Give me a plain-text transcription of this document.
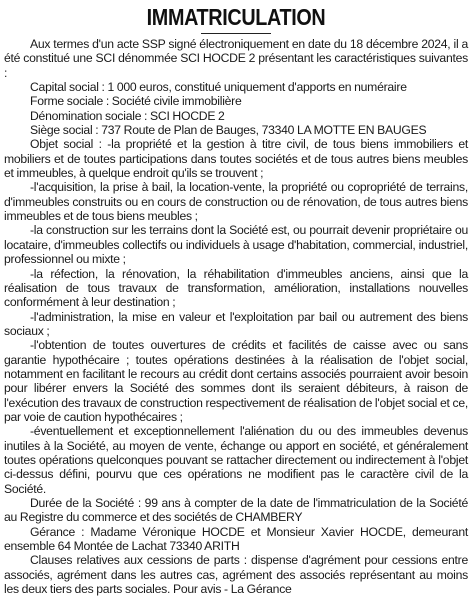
IMMATRICULATION

Aux termes d'un acte SSP signé électroniquement en date du 18 décembre 2024, il a été constitué une SCI dénommée SCI HOCDE 2 présentant les caractéristiques suivantes :

Capital social : 1 000 euros, constitué uniquement d'apports en numéraire

Forme sociale : Société civile immobilière

Dénomination sociale : SCI HOCDE 2

Siège social : 737 Route de Plan de Bauges, 73340 LA MOTTE EN BAUGES

Objet social : -la propriété et la gestion à titre civil, de tous biens immobiliers et mobiliers et de toutes participations dans toutes sociétés et de tous autres biens meubles et immeubles, à quelque endroit qu'ils se trouvent ;

-l'acquisition, la prise à bail, la location-vente, la propriété ou copropriété de terrains, d'immeubles construits ou en cours de construction ou de rénovation, de tous autres biens immeubles et de tous biens meubles ;

-la construction sur les terrains dont la Société est, ou pourrait devenir propriétaire ou locataire, d'immeubles collectifs ou individuels à usage d'habitation, commercial, industriel, professionnel ou mixte ;

-la réfection, la rénovation, la réhabilitation d'immeubles anciens, ainsi que la réalisation de tous travaux de transformation, amélioration, installations nouvelles conformément à leur destination ;

-l'administration, la mise en valeur et l'exploitation par bail ou autrement des biens sociaux ;

-l'obtention de toutes ouvertures de crédits et facilités de caisse avec ou sans garantie hypothécaire ; toutes opérations destinées à la réalisation de l'objet social, notamment en facilitant le recours au crédit dont certains associés pourraient avoir besoin pour libérer envers la Société des sommes dont ils seraient débiteurs, à raison de l'exécution des travaux de construction respectivement de réalisation de l'objet social et ce, par voie de caution hypothécaires ;

-éventuellement et exceptionnellement l'aliénation du ou des immeubles devenus inutiles à la Société, au moyen de vente, échange ou apport en société, et généralement toutes opérations quelconques pouvant se rattacher directement ou indirectement à l'objet ci-dessus défini, pourvu que ces opérations ne modifient pas le caractère civil de la Société.

Durée de la Société : 99 ans à compter de la date de l'immatriculation de la Société au Registre du commerce et des sociétés de CHAMBERY

Gérance : Madame Véronique HOCDE et Monsieur Xavier HOCDE, demeurant ensemble 64 Montée de Lachat 73340 ARITH

Clauses relatives aux cessions de parts : dispense d'agrément pour cessions entre associés, agrément dans les autres cas, agrément des associés représentant au moins les deux tiers des parts sociales. Pour avis - La Gérance
